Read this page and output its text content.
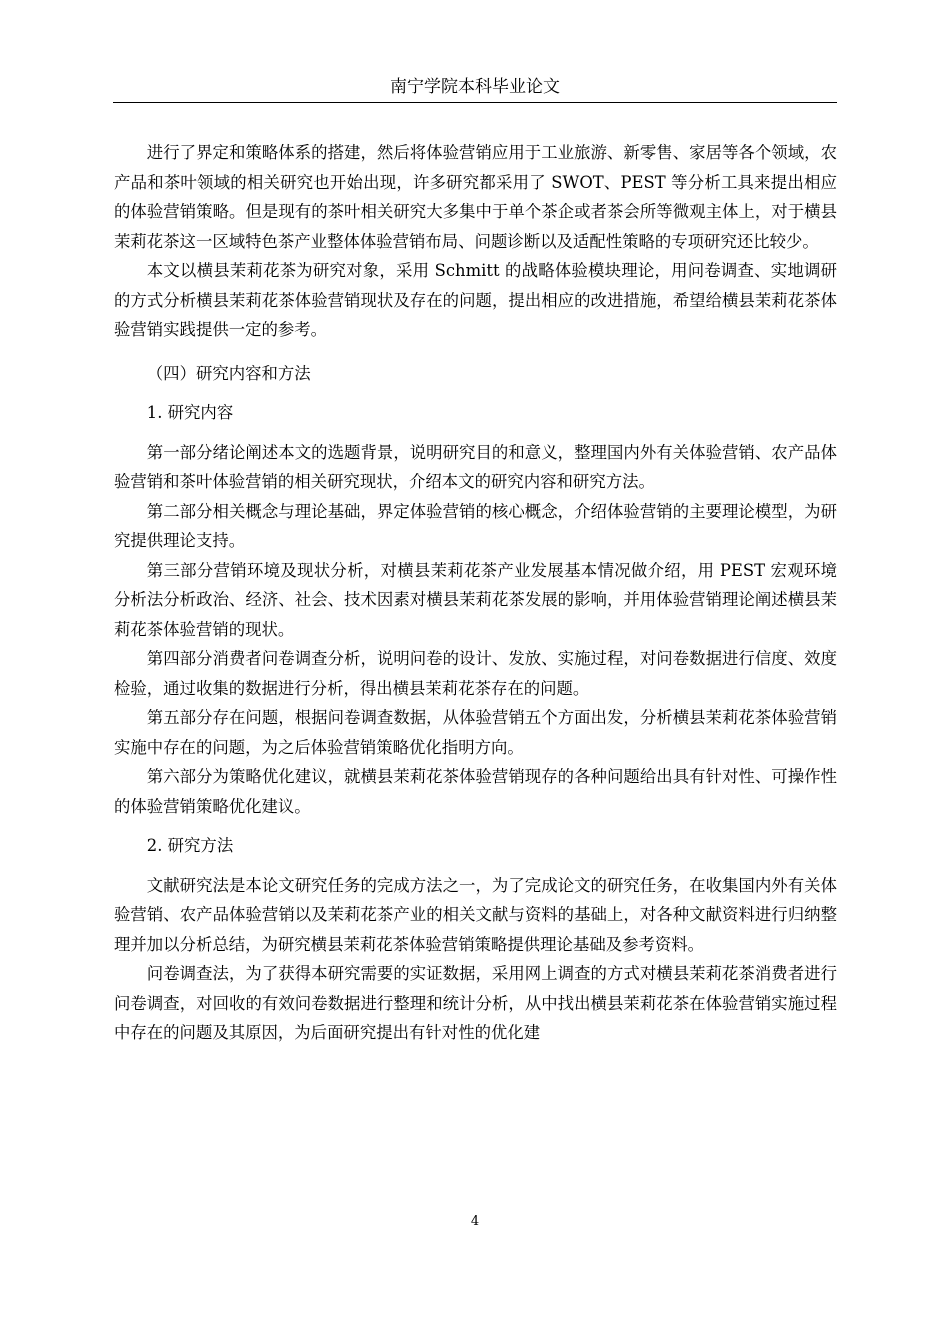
南宁学院本科毕业论文

进行了界定和策略体系的搭建，然后将体验营销应用于工业旅游、新零售、家居等各个领域，农产品和茶叶领域的相关研究也开始出现，许多研究都采用了 SWOT、PEST 等分析工具来提出相应的体验营销策略。但是现有的茶叶相关研究大多集中于单个茶企或者茶会所等微观主体上，对于横县茉莉花茶这一区域特色茶产业整体体验营销布局、问题诊断以及适配性策略的专项研究还比较少。

本文以横县茉莉花茶为研究对象，采用 Schmitt 的战略体验模块理论，用问卷调查、实地调研的方式分析横县茉莉花茶体验营销现状及存在的问题，提出相应的改进措施，希望给横县茉莉花茶体验营销实践提供一定的参考。

（四）研究内容和方法

1. 研究内容

第一部分绪论阐述本文的选题背景，说明研究目的和意义，整理国内外有关体验营销、农产品体验营销和茶叶体验营销的相关研究现状，介绍本文的研究内容和研究方法。

第二部分相关概念与理论基础，界定体验营销的核心概念，介绍体验营销的主要理论模型，为研究提供理论支持。

第三部分营销环境及现状分析，对横县茉莉花茶产业发展基本情况做介绍，用 PEST 宏观环境分析法分析政治、经济、社会、技术因素对横县茉莉花茶发展的影响，并用体验营销理论阐述横县茉莉花茶体验营销的现状。

第四部分消费者问卷调查分析，说明问卷的设计、发放、实施过程，对问卷数据进行信度、效度检验，通过收集的数据进行分析，得出横县茉莉花茶存在的问题。

第五部分存在问题，根据问卷调查数据，从体验营销五个方面出发，分析横县茉莉花茶体验营销实施中存在的问题，为之后体验营销策略优化指明方向。

第六部分为策略优化建议，就横县茉莉花茶体验营销现存的各种问题给出具有针对性、可操作性的体验营销策略优化建议。

2. 研究方法

文献研究法是本论文研究任务的完成方法之一，为了完成论文的研究任务，在收集国内外有关体验营销、农产品体验营销以及茉莉花茶产业的相关文献与资料的基础上，对各种文献资料进行归纳整理并加以分析总结，为研究横县茉莉花茶体验营销策略提供理论基础及参考资料。

问卷调查法，为了获得本研究需要的实证数据，采用网上调查的方式对横县茉莉花茶消费者进行问卷调查，对回收的有效问卷数据进行整理和统计分析，从中找出横县茉莉花茶在体验营销实施过程中存在的问题及其原因，为后面研究提出有针对性的优化建

4
